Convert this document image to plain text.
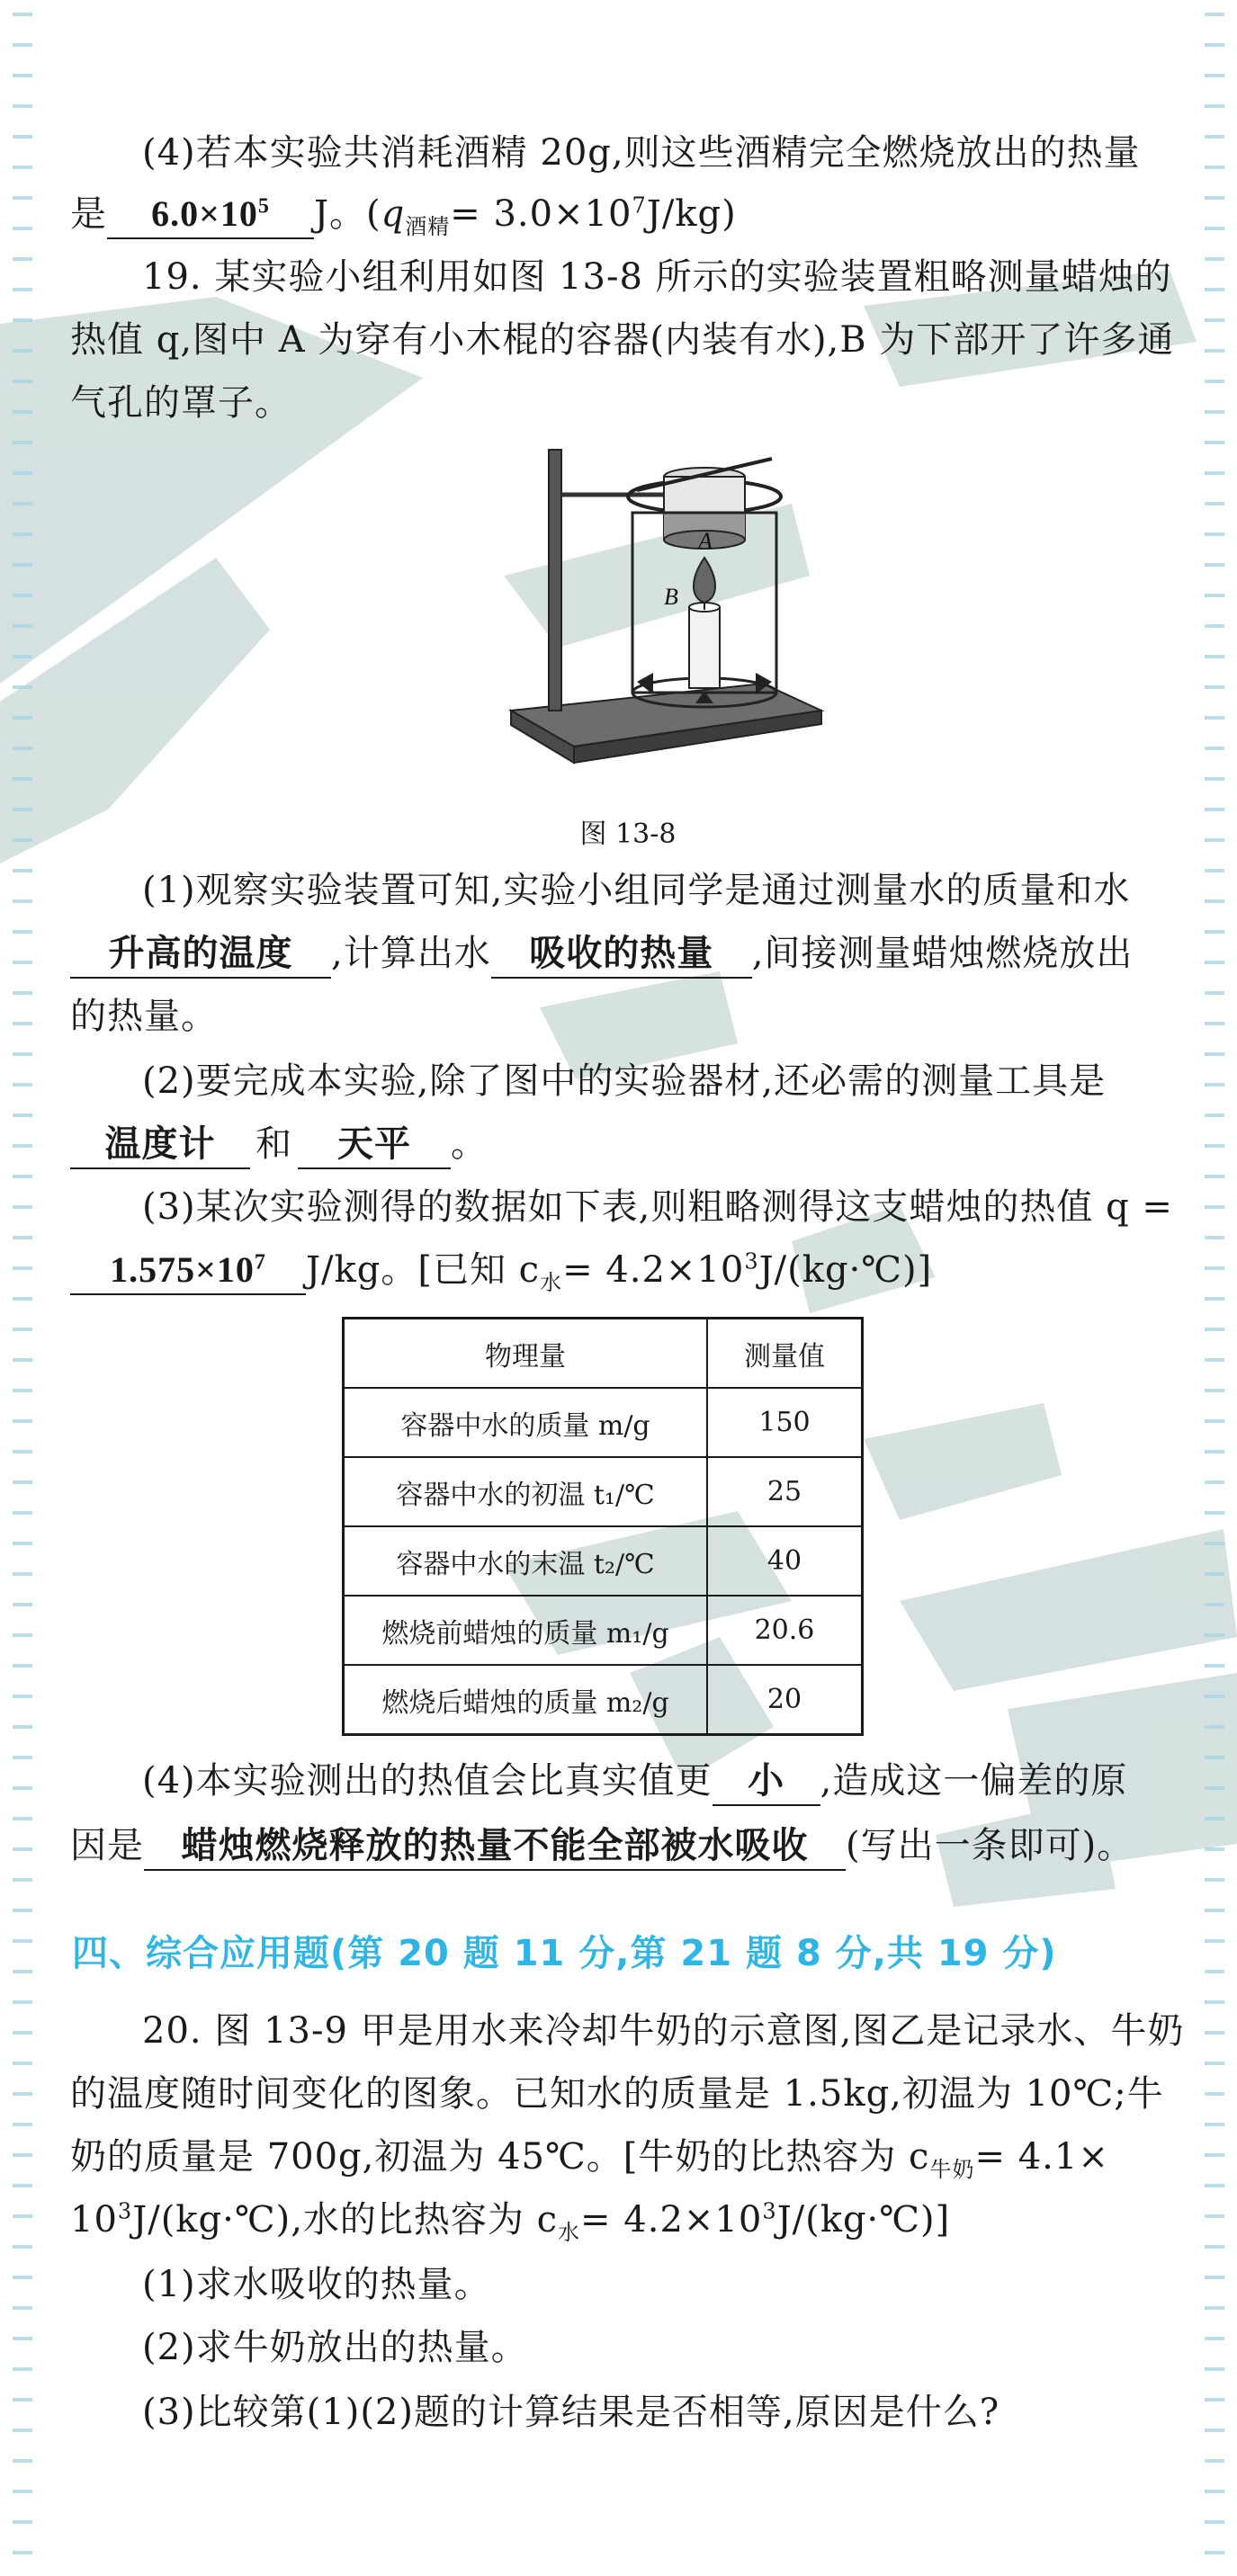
(4)若本实验共消耗酒精 20g,则这些酒精完全燃烧放出的热量
是 $6.0\times 10^5$ J。$(q_{酒精}= 3.0\times 10^7J/kg)$
19. 某实验小组利用如图 13-8 所示的实验装置粗略测量蜡烛的
热值 q,图中 A 为穿有小木棍的容器(内装有水),B 为下部开了许多通
气孔的罩子。
A
B
图 13-8
(1)观察实验装置可知,实验小组同学是通过测量水的质量和水
升高的温度 ,计算出水 吸收的热量 ,间接测量蜡烛燃烧放出
的热量。
(2)要完成本实验,除了图中的实验器材,还必需的测量工具是
温度计 和 天平 。
(3)某次实验测得的数据如下表,则粗略测得这支蜡烛的热值 q =
$1.575\times 10^7$ J/kg。[已知 $c_水=$ $4.2\times 10^3J/(kg\cdot℃)$]
物理量	测量值
容器中水的质量 m/g	150
容器中水的初温 t₁/℃	25
容器中水的末温 t₂/℃	40
燃烧前蜡烛的质量 m₁/g	20.6
燃烧后蜡烛的质量 m₂/g	20
(4)本实验测出的热值会比真实值更 小 ,造成这一偏差的原
因是 蜡烛燃烧释放的热量不能全部被水吸收 (写出一条即可)。
四、综合应用题(第 20 题 11 分,第 21 题 8 分,共 19 分)
20. 图 13-9 甲是用水来冷却牛奶的示意图,图乙是记录水、牛奶
的温度随时间变化的图象。已知水的质量是 1.5kg,初温为 10℃;牛
奶的质量是 700g,初温为 45℃。[牛奶的比热容为 $c_{牛奶}= 4.1\times$
$10^3J/(kg\cdot℃)$,水的比热容为 $c_水=$ $4.2\times 10^3J/(kg\cdot℃)$]
(1)求水吸收的热量。
(2)求牛奶放出的热量。
(3)比较第(1)(2)题的计算结果是否相等,原因是什么?
